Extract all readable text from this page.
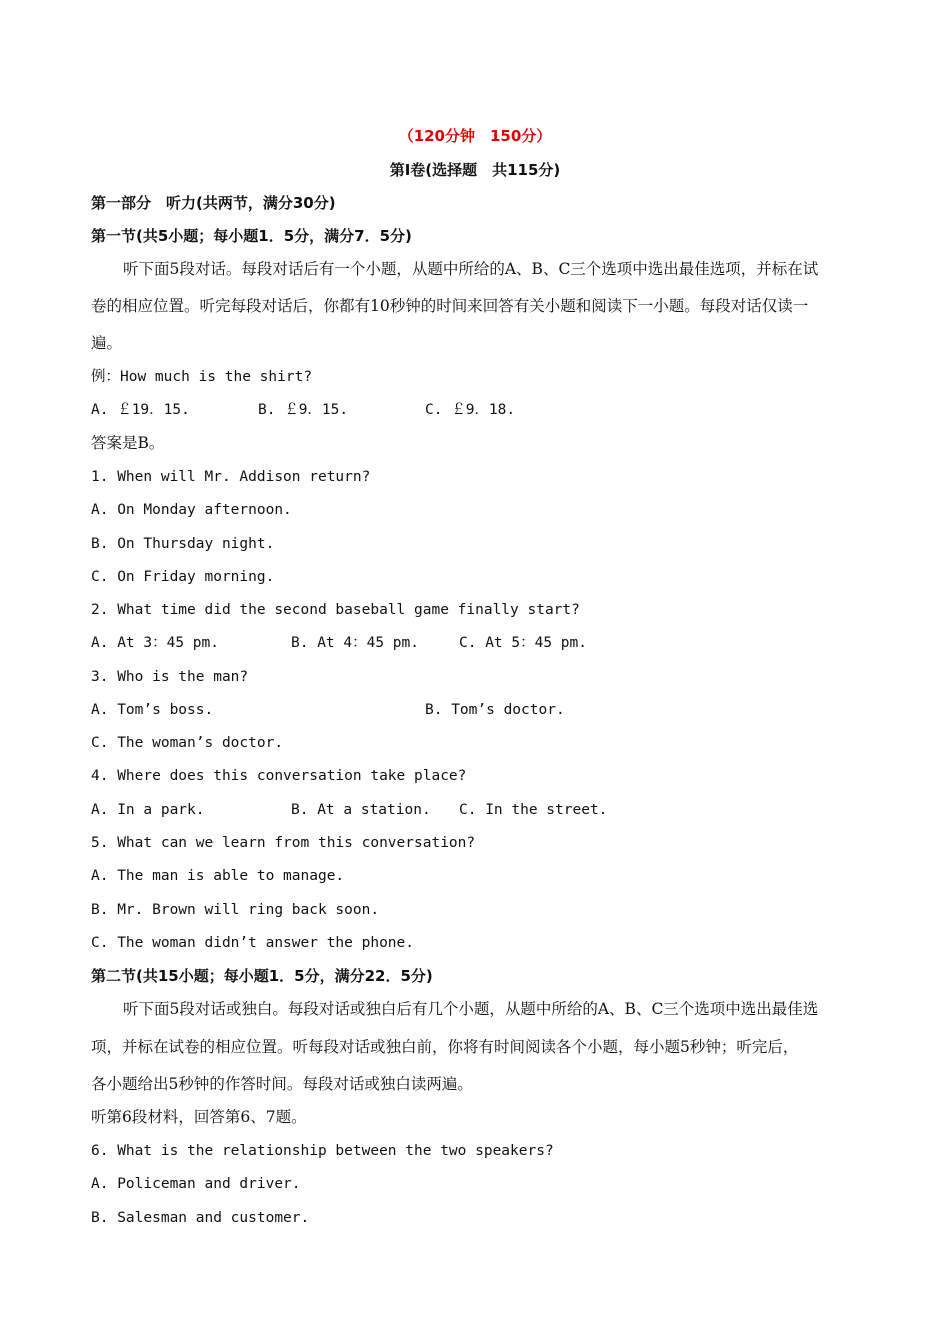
（120分钟　150分）
第Ⅰ卷(选择题　共115分)
第一部分　听力(共两节，满分30分)
第一节(共5小题；每小题1．5分，满分7．5分)
听下面5段对话。每段对话后有一个小题，从题中所给的A、B、C三个选项中选出最佳选项，并标在试
卷的相应位置。听完每段对话后，你都有10秒钟的时间来回答有关小题和阅读下一小题。每段对话仅读一
遍。
例：How much is the shirt?
A. ￡19．15.	B. ￡9．15.	C. ￡9．18.
答案是B。
1. When will Mr. Addison return?
A. On Monday afternoon.
B. On Thursday night.
C. On Friday morning.
2. What time did the second baseball game finally start?
A. At 3：45 pm.	B. At 4：45 pm.	C. At 5：45 pm.
3. Who is the man?
A. Tom’s boss.	B. Tom’s doctor.
C. The woman’s doctor.
4. Where does this conversation take place?
A. In a park.	B. At a station. C. In the street.
5. What can we learn from this conversation?
A. The man is able to manage.
B. Mr. Brown will ring back soon.
C. The woman didn’t answer the phone.
第二节(共15小题；每小题1．5分，满分22．5分)
听下面5段对话或独白。每段对话或独白后有几个小题，从题中所给的A、B、C三个选项中选出最佳选
项，并标在试卷的相应位置。听每段对话或独白前，你将有时间阅读各个小题，每小题5秒钟；听完后，
各小题给出5秒钟的作答时间。每段对话或独白读两遍。
听第6段材料，回答第6、7题。
6. What is the relationship between the two speakers?
A. Policeman and driver.
B. Salesman and customer.
